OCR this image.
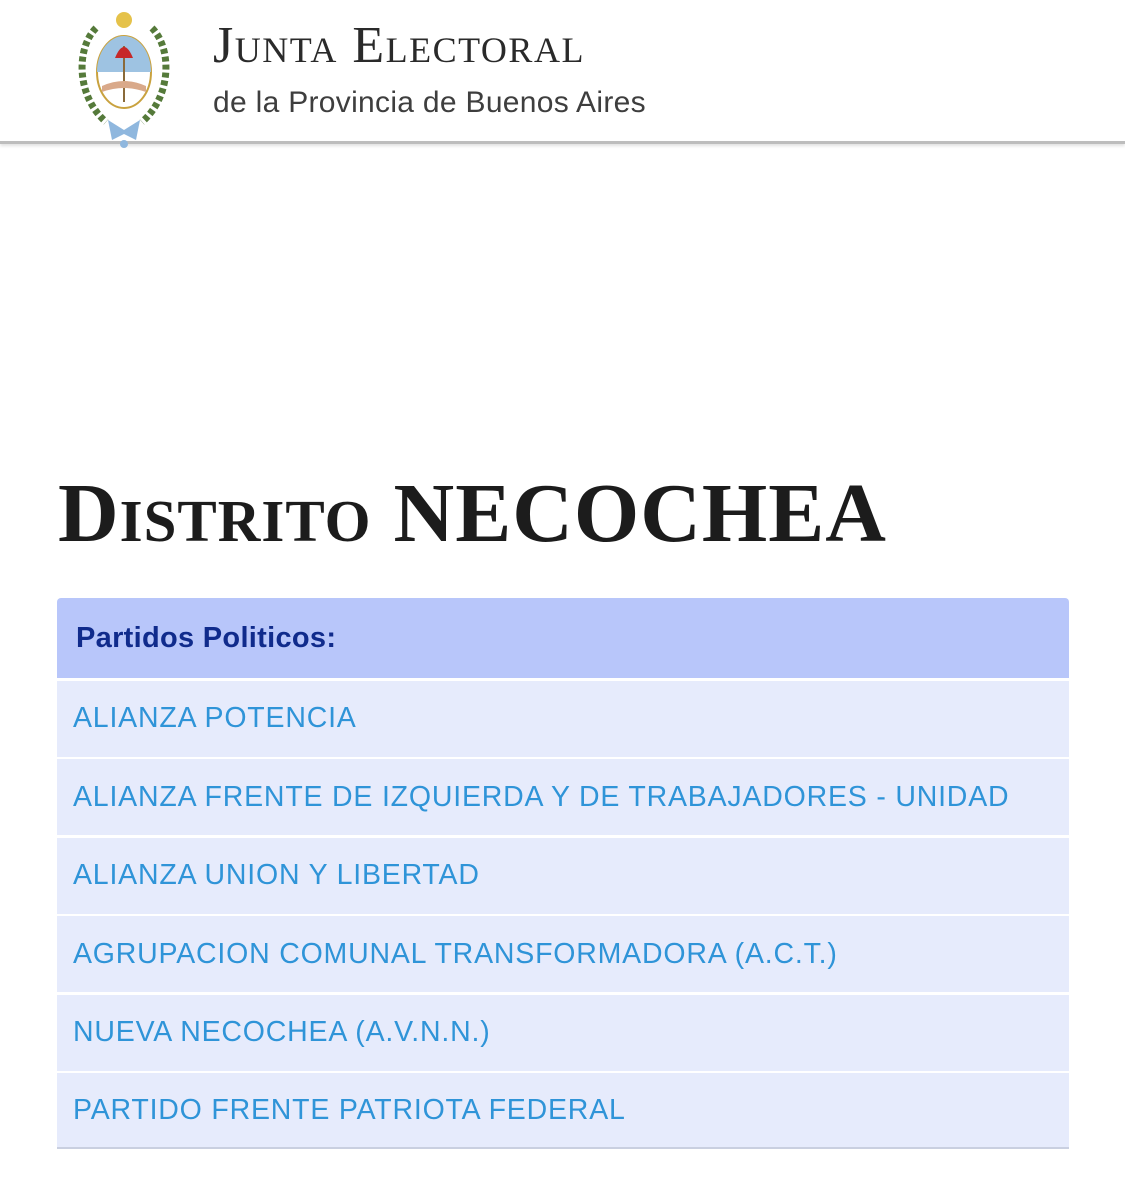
Junta Electoral
de la Provincia de Buenos Aires
Distrito NECOCHEA
Partidos Politicos:
ALIANZA POTENCIA
ALIANZA FRENTE DE IZQUIERDA Y DE TRABAJADORES - UNIDAD
ALIANZA UNION Y LIBERTAD
AGRUPACION COMUNAL TRANSFORMADORA (A.C.T.)
NUEVA NECOCHEA (A.V.N.N.)
PARTIDO FRENTE PATRIOTA FEDERAL
